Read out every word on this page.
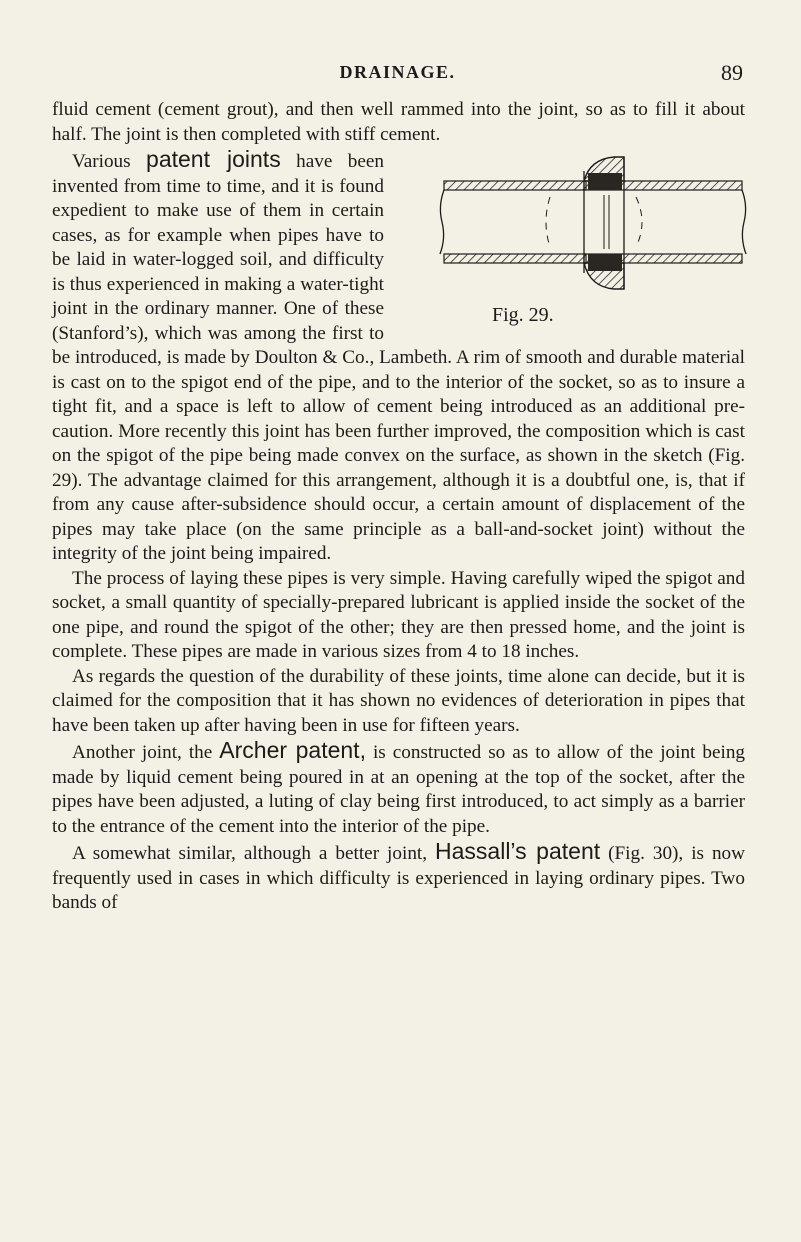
DRAINAGE.	89

fluid cement (cement grout), and then well rammed into the joint, so as to fill it about half. The joint is then completed with stiff cement.

Fig. 29.

Various patent joints have been invented from time to time, and it is found expedient to make use of them in certain cases, as for example when pipes have to be laid in water-logged soil, and difficulty is thus experienced in making a water-tight joint in the ordinary manner. One of these (Stanford’s), which was among the first to be introduced, is made by Doulton & Co., Lambeth. A rim of smooth and durable material is cast on to the spigot end of the pipe, and to the interior of the socket, so as to insure a tight fit, and a space is left to allow of cement being introduced as an additional pre-caution. More recently this joint has been further improved, the composition which is cast on the spigot of the pipe being made convex on the surface, as shown in the sketch (Fig. 29). The advantage claimed for this arrangement, although it is a doubtful one, is, that if from any cause after-subsidence should occur, a certain amount of displacement of the pipes may take place (on the same principle as a ball-and-socket joint) without the integrity of the joint being impaired.

The process of laying these pipes is very simple. Having carefully wiped the spigot and socket, a small quantity of specially-prepared lubricant is applied inside the socket of the one pipe, and round the spigot of the other; they are then pressed home, and the joint is complete. These pipes are made in various sizes from 4 to 18 inches.

As regards the question of the durability of these joints, time alone can decide, but it is claimed for the composition that it has shown no evidences of deterioration in pipes that have been taken up after having been in use for fifteen years.

Another joint, the Archer patent, is constructed so as to allow of the joint being made by liquid cement being poured in at an opening at the top of the socket, after the pipes have been adjusted, a luting of clay being first introduced, to act simply as a barrier to the entrance of the cement into the interior of the pipe.

A somewhat similar, although a better joint, Hassall’s patent (Fig. 30), is now frequently used in cases in which difficulty is experienced in laying ordinary pipes. Two bands of
